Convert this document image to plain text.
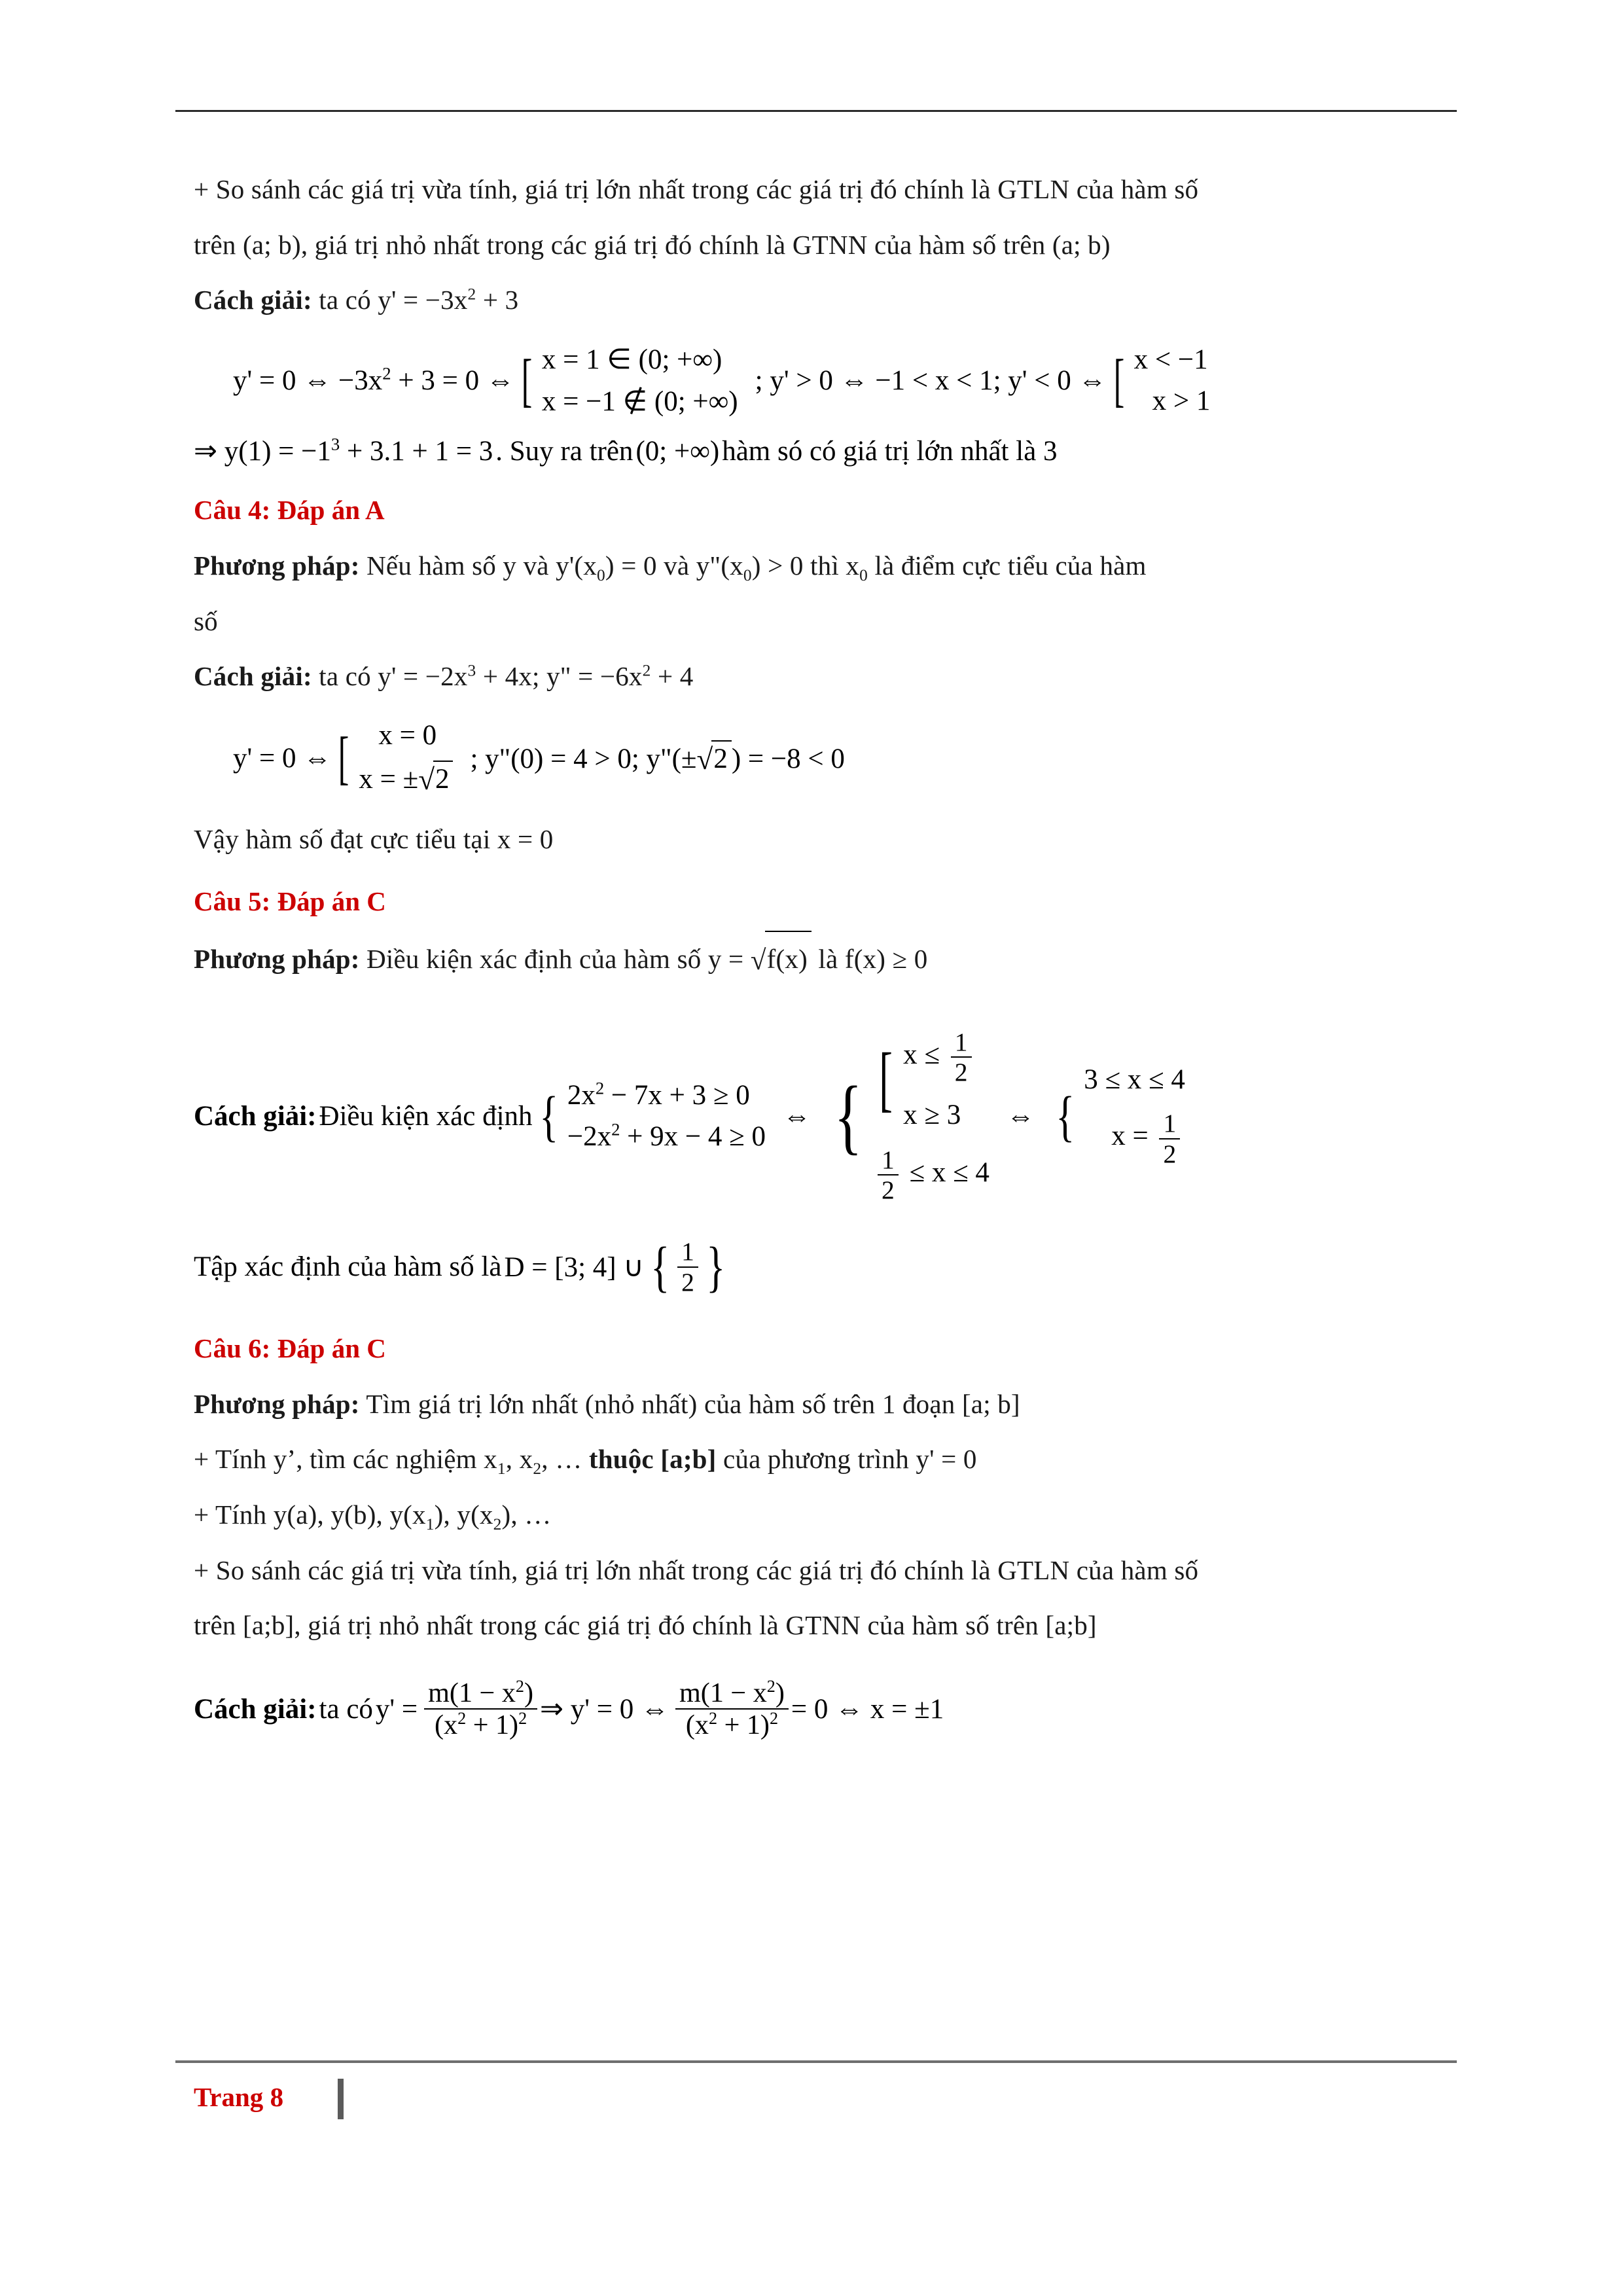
+ So sánh các giá trị vừa tính, giá trị lớn nhất trong các giá trị đó chính là GTLN của hàm số
trên (a; b), giá trị nhỏ nhất trong các giá trị đó chính là GTNN của hàm số trên (a; b)
Cách giải: ta có $y' = -3x^2 + 3$
y' = 0 ⇔ $-3x^2 + 3 = 0$ ⇔ [ x = 1 ∈ (0; +∞)
x = −1 ∉ (0; +∞)
; y' > 0 ⇔ −1 < x < 1; y' < 0 ⇔ [ x < −1
x > 1
⇒ $y(1) = -1^3 + 3.1 + 1 = 3$ . Suy ra trên (0; +∞) hàm só có giá trị lớn nhất là 3
Câu 4: Đáp án A
Phương pháp: Nếu hàm số y và $y'(x_0) = 0$ và $y"(x_0) > 0$ thì $x_0$ là điểm cực tiểu của hàm
số
Cách giải: ta có $y' = -2x^3 + 4x$; y" = $-6x^2 + 4$
y' = 0 ⇔ [	x = 0
x = ±√2
; y"(0) = 4 > 0; y"(±√2 ) = −8 < 0
Vậy hàm số đạt cực tiểu tại x = 0
Câu 5: Đáp án C
Phương pháp: Điều kiện xác định của hàm số y = √f(x) là f(x) ≥ 0
Cách giải: Điều kiện xác định { $2x^2 - 7x + 3 \ge 0$
$-2x^2 + 9x - 4 \ge 0$
⇔ { [ $x \le \frac{1}{2}$
x ≥ 3
$\frac{1}{2} \le x \le 4$
⇔ {
3 ≤ x ≤ 4
$x = \frac{1}{2}$
Tập xác định của hàm số là D = [3; 4] ∪ { $\frac{1}{2}$ }
Câu 6: Đáp án C
Phương pháp: Tìm giá trị lớn nhất (nhỏ nhất) của hàm số trên 1 đoạn [a; b]
+ Tính y’, tìm các nghiệm $x_1$, $x_2$, … thuộc [a;b] của phương trình y' = 0
+ Tính y(a), y(b), $y(x_1)$, $y(x_2)$, …
+ So sánh các giá trị vừa tính, giá trị lớn nhất trong các giá trị đó chính là GTLN của hàm số
trên [a;b], giá trị nhỏ nhất trong các giá trị đó chính là GTNN của hàm số trên [a;b]
Cách giải: ta có $y' = \frac{m(1 - x^2)}{(x^2 + 1)^2}$ ⇒ y' = 0 ⇔ $\frac{m(1 - x^2)}{(x^2 + 1)^2} = 0$ ⇔ x = ±1
Trang 8
